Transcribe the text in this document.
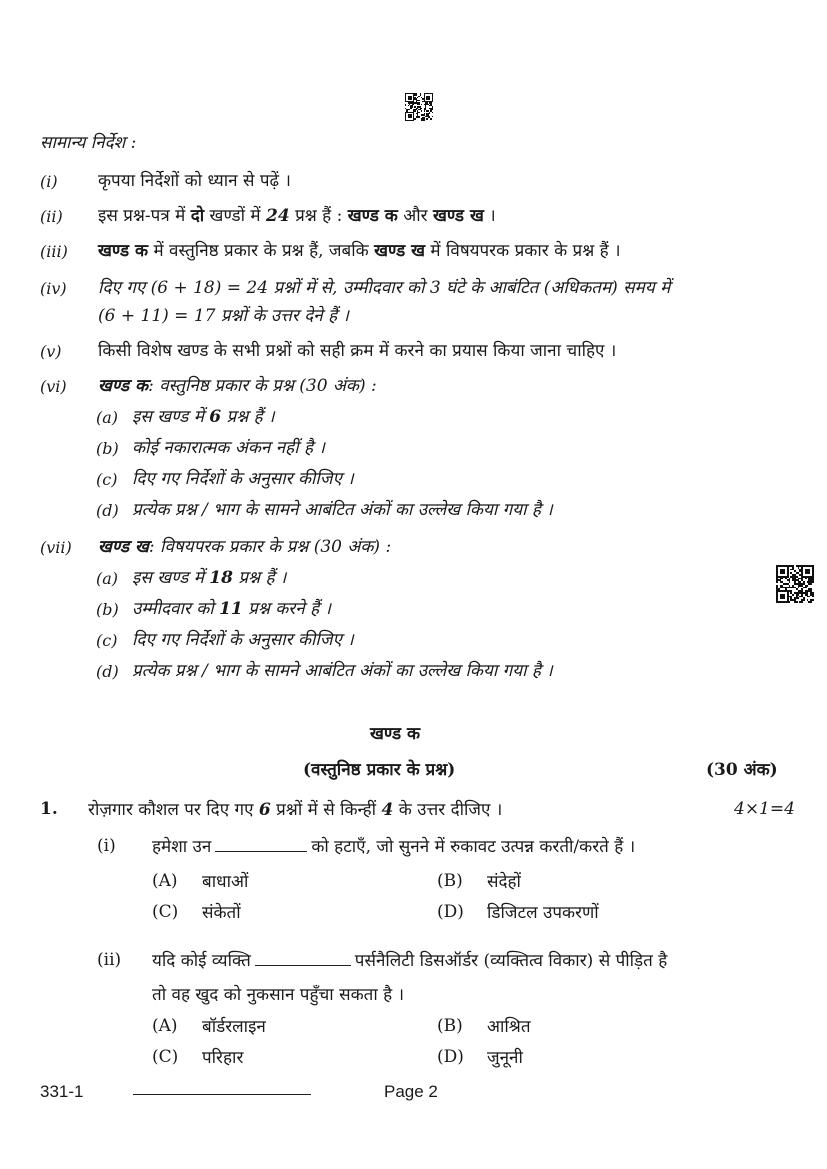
सामान्य निर्देश :
(i) कृपया निर्देशों को ध्यान से पढ़ें ।
(ii) इस प्रश्न-पत्र में दो खण्डों में 24 प्रश्न हैं : खण्ड क और खण्ड ख ।
(iii) खण्ड क में वस्तुनिष्ठ प्रकार के प्रश्न हैं, जबकि खण्ड ख में विषयपरक प्रकार के प्रश्न हैं ।
(iv) दिए गए (6 + 18) = 24 प्रश्नों में से, उम्मीदवार को 3 घंटे के आबंटित (अधिकतम) समय में
(6 + 11) = 17 प्रश्नों के उत्तर देने हैं ।
(v) किसी विशेष खण्ड के सभी प्रश्नों को सही क्रम में करने का प्रयास किया जाना चाहिए ।
(vi) खण्ड क: वस्तुनिष्ठ प्रकार के प्रश्न (30 अंक) :
(a) इस खण्ड में 6 प्रश्न हैं ।
(b) कोई नकारात्मक अंकन नहीं है ।
(c) दिए गए निर्देशों के अनुसार कीजिए ।
(d) प्रत्येक प्रश्न / भाग के सामने आबंटित अंकों का उल्लेख किया गया है ।
(vii) खण्ड ख: विषयपरक प्रकार के प्रश्न (30 अंक) :
(a) इस खण्ड में 18 प्रश्न हैं ।
(b) उम्मीदवार को 11 प्रश्न करने हैं ।
(c) दिए गए निर्देशों के अनुसार कीजिए ।
(d) प्रत्येक प्रश्न / भाग के सामने आबंटित अंकों का उल्लेख किया गया है ।
खण्ड क
(वस्तुनिष्ठ प्रकार के प्रश्न)	(30 अंक)
1. रोज़गार कौशल पर दिए गए 6 प्रश्नों में से किन्हीं 4 के उत्तर दीजिए ।	4×1=4
(i) हमेशा उन	को हटाएँ, जो सुनने में रुकावट उत्पन्न करती/करते हैं ।
(A) बाधाओं	(B) संदेहों
(C) संकेतों	(D) डिजिटल उपकरणों
(ii) यदि कोई व्यक्ति	पर्सनैलिटी डिसऑर्डर (व्यक्तित्व विकार) से पीड़ित है
तो वह खुद को नुकसान पहुँचा सकता है ।
(A) बॉर्डरलाइन	(B) आश्रित
(C) परिहार	(D) जुनूनी
331-1	Page 2
